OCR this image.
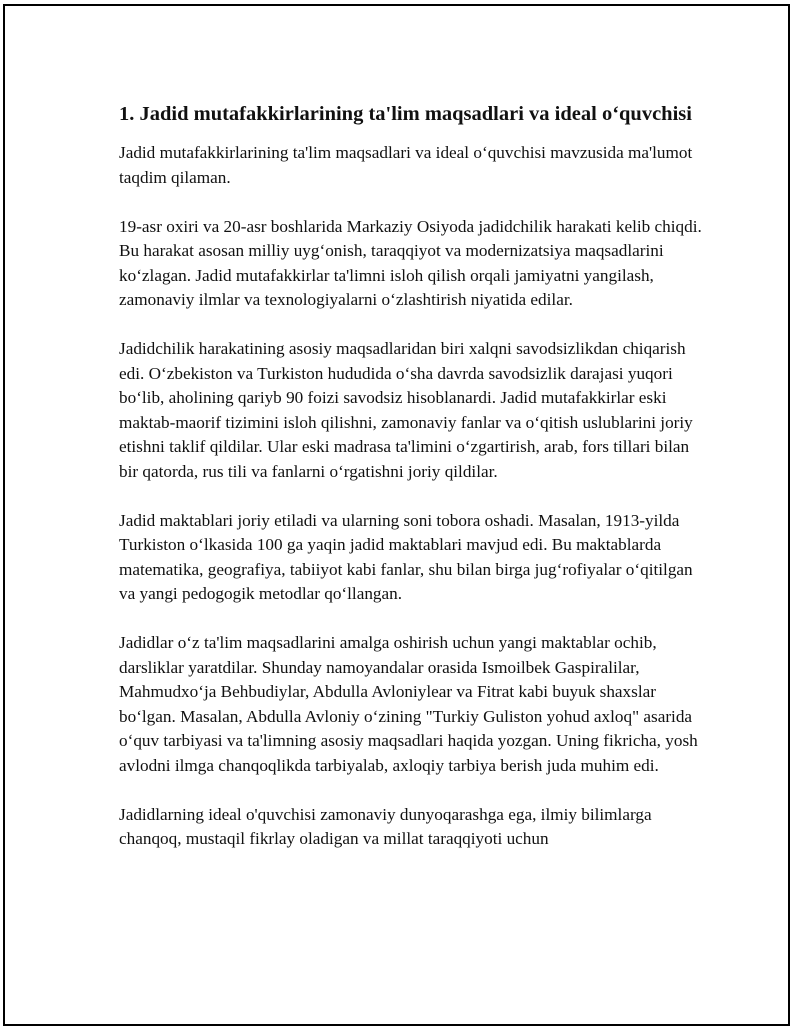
1. Jadid mutafakkirlarining ta'lim maqsadlari va ideal o‘quvchisi

Jadid mutafakkirlarining ta'lim maqsadlari va ideal o‘quvchisi mavzusida ma'lumot taqdim qilaman.

19-asr oxiri va 20-asr boshlarida Markaziy Osiyoda jadidchilik harakati kelib chiqdi. Bu harakat asosan milliy uyg‘onish, taraqqiyot va modernizatsiya maqsadlarini ko‘zlagan. Jadid mutafakkirlar ta'limni isloh qilish orqali jamiyatni yangilash, zamonaviy ilmlar va texnologiyalarni o‘zlashtirish niyatida edilar.

Jadidchilik harakatining asosiy maqsadlaridan biri xalqni savodsizlikdan chiqarish edi. O‘zbekiston va Turkiston hududida o‘sha davrda savodsizlik darajasi yuqori bo‘lib, aholining qariyb 90 foizi savodsiz hisoblanardi. Jadid mutafakkirlar eski maktab-maorif tizimini isloh qilishni, zamonaviy fanlar va o‘qitish uslublarini joriy etishni taklif qildilar. Ular eski madrasa ta'limini o‘zgartirish, arab, fors tillari bilan bir qatorda, rus tili va fanlarni o‘rgatishni joriy qildilar.

Jadid maktablari joriy etiladi va ularning soni tobora oshadi. Masalan, 1913-yilda Turkiston o‘lkasida 100 ga yaqin jadid maktablari mavjud edi. Bu maktablarda matematika, geografiya, tabiiyot kabi fanlar, shu bilan birga jug‘rofiyalar o‘qitilgan va yangi pedogogik metodlar qo‘llangan.

Jadidlar o‘z ta'lim maqsadlarini amalga oshirish uchun yangi maktablar ochib, darsliklar yaratdilar. Shunday namoyandalar orasida Ismoilbek Gaspiralilar, Mahmudxo‘ja Behbudiylar, Abdulla Avloniylear va Fitrat kabi buyuk shaxslar bo‘lgan. Masalan, Abdulla Avloniy o‘zining "Turkiy Guliston yohud axloq" asarida o‘quv tarbiyasi va ta'limning asosiy maqsadlari haqida yozgan. Uning fikricha, yosh avlodni ilmga chanqoqlikda tarbiyalab, axloqiy tarbiya berish juda muhim edi.

Jadidlarning ideal o'quvchisi zamonaviy dunyoqarashga ega, ilmiy bilimlarga chanqoq, mustaqil fikrlay oladigan va millat taraqqiyoti uchun
